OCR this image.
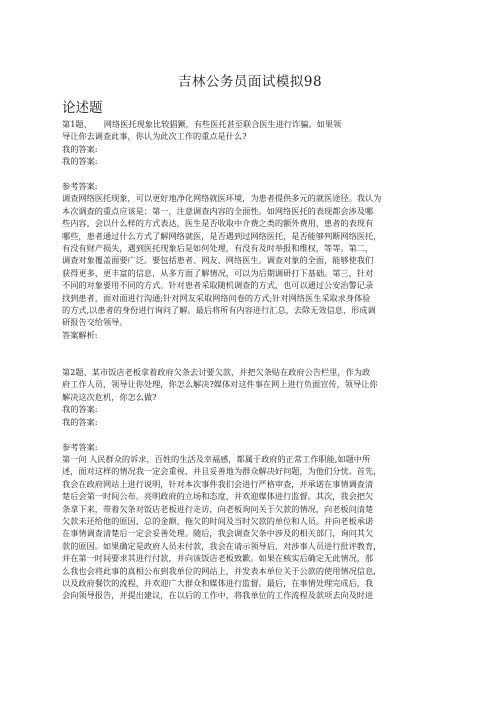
吉林公务员面试模拟98
论述题
第1题、 网络医托现象比较猖獗，有些医托甚至联合医生进行诈骗。如果领
导让你去调查此事，你认为此次工作的重点是什么?
我的答案:
我的答案:
参考答案:
调查网络医托现象，可以更好地净化网络就医环境，为患者提供多元的就医途径。我认为
本次调查的重点应该是：第一，注意调查内容的全面性。如网络医托的表现都会涉及哪
些内容，会以什么样的方式表达，医生是否收取中介费之类的额外费用，患者的表现有
哪些，患者通过什么方式了解网络就医，是否遇到过网络医托，是否能够判断网络医托，
有没有财产损失，遇到医托现象后是如何处理，有没有及时举报和维权，等等。第二，
调查对象覆盖面要广泛。要包括患者、网友、网络医生。调查对象的全面，能够使我们
获得更多、更丰富的信息，从多方面了解情况，可以为后期调研打下基础。第三，针对
不同的对象要用不同的方式。针对患者采取随机调查的方式，也可以通过公安治警记录
找到患者，面对面进行沟通;针对网友采取网络问卷的方式;针对网络医生采取求身体验
的方式,以患者的身份进行询问了解。最后将所有内容进行汇总，去除无效信息，形成调
研报告交给领导。
答案解析:
第2题、某市饭店老板拿着政府欠条去讨要欠款，并把欠条贴在政府公告栏里，作为政
府工作人员，领导让你处理，你怎么解决?媒体对这件事在网上进行负面宣传，领导让你
解决这次危机，你怎么做?
我的答案:
我的答案:
参考答案:
第一问 人民群众的诉求，百姓的生活及幸福感，都属于政府的正常工作职能,如题中所
述，面对这样的情况我一定会重视，并且妥善地为群众解决好问题，为他们分忧。首先，
我会在政府网站上进行说明，针对本次事件我们会进行严格审查，并承诺在事情调查清
楚后会第一时间公布。亮明政府的立场和态度，并欢迎媒体进行监督。其次，我会把欠
条拿下来，带着欠条对饭店老板进行走访，向老板询问关于欠款的情况，向老板问清楚
欠款未还给他的原因、总的金额、拖欠的时间及当时欠款的单位和人员。并向老板承诺
在事情调查清楚后一定会妥善处理。随后，我会调查欠条中涉及的相关部门，询问其欠
款的原因。如果确定是政府人员未付款，我会在请示领导后，对涉事人员进行批评教育，
并在第一时间要求其进行付款，并向该饭店老板致歉。如果在核实后确定无此情况，那
么我也会将此事的真相公布到我单位的网站上，并发表本单位关于公款的使用情况信息,
以及政府餐饮的流程，并欢迎广大群众和媒体进行监督。最后，在事情处理完成后，我
会向领导报告，并提出建议，在以后的工作中，将我单位的工作流程及款项去向及时进
